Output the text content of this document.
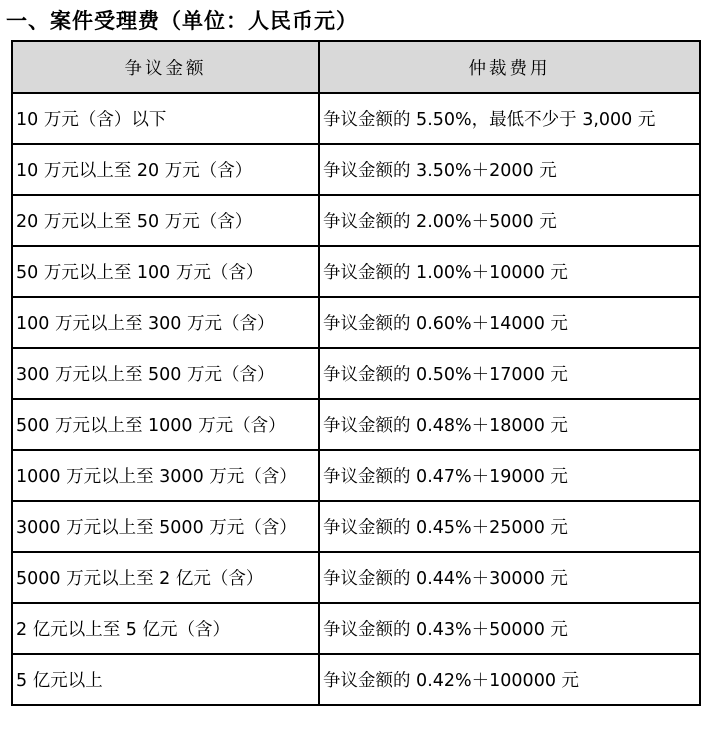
一、案件受理费（单位：人民币元）
争议金额	仲裁费用
10 万元（含）以下	争议金额的 5.50%，最低不少于 3,000 元
10 万元以上至 20 万元（含）	争议金额的 3.50%＋2000 元
20 万元以上至 50 万元（含）	争议金额的 2.00%＋5000 元
50 万元以上至 100 万元（含）	争议金额的 1.00%＋10000 元
100 万元以上至 300 万元（含）	争议金额的 0.60%＋14000 元
300 万元以上至 500 万元（含）	争议金额的 0.50%＋17000 元
500 万元以上至 1000 万元（含）	争议金额的 0.48%＋18000 元
1000 万元以上至 3000 万元（含）	争议金额的 0.47%＋19000 元
3000 万元以上至 5000 万元（含）	争议金额的 0.45%＋25000 元
5000 万元以上至 2 亿元（含）	争议金额的 0.44%＋30000 元
2 亿元以上至 5 亿元（含）	争议金额的 0.43%＋50000 元
5 亿元以上	争议金额的 0.42%＋100000 元
